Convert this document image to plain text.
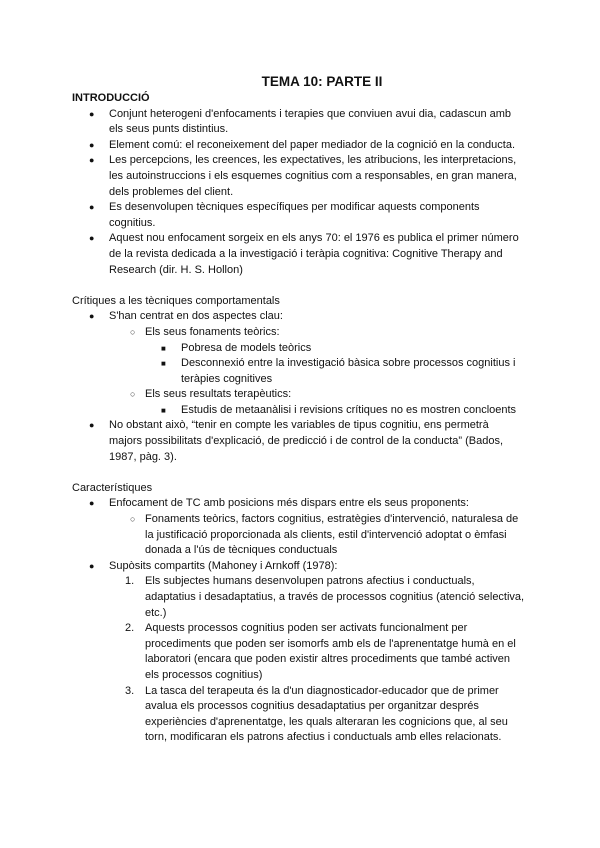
TEMA 10: PARTE II
INTRODUCCIÓ
● Conjunt heterogeni d'enfocaments i terapies que conviuen avui dia, cadascun amb
els seus punts distintius.
● Element comú: el reconeixement del paper mediador de la cognició en la conducta.
● Les percepcions, les creences, les expectatives, les atribucions, les interpretacions,
les autoinstruccions i els esquemes cognitius com a responsables, en gran manera,
dels problemes del client.
● Es desenvolupen tècniques específiques per modificar aquests components
cognitius.
● Aquest nou enfocament sorgeix en els anys 70: el 1976 es publica el primer número
de la revista dedicada a la investigació i teràpia cognitiva: Cognitive Therapy and
Research (dir. H. S. Hollon)
Crítiques a les tècniques comportamentals
● S'han centrat en dos aspectes clau:
○ Els seus fonaments teòrics:
■ Pobresa de models teòrics
■ Desconnexió entre la investigació bàsica sobre processos cognitius i
teràpies cognitives
○ Els seus resultats terapèutics:
■ Estudis de metaanàlisi i revisions crítiques no es mostren concloents
● No obstant això, “tenir en compte les variables de tipus cognitiu, ens permetrà
majors possibilitats d'explicació, de predicció i de control de la conducta” (Bados,
1987, pàg. 3).
Característiques
● Enfocament de TC amb posicions més dispars entre els seus proponents:
○ Fonaments teòrics, factors cognitius, estratègies d'intervenció, naturalesa de
la justificació proporcionada als clients, estil d'intervenció adoptat o èmfasi
donada a l'ús de tècniques conductuals
● Supòsits compartits (Mahoney i Arnkoff (1978):
1. Els subjectes humans desenvolupen patrons afectius i conductuals,
adaptatius i desadaptatius, a través de processos cognitius (atenció selectiva,
etc.)
2. Aquests processos cognitius poden ser activats funcionalment per
procediments que poden ser isomorfs amb els de l'aprenentatge humà en el
laboratori (encara que poden existir altres procediments que també activen
els processos cognitius)
3. La tasca del terapeuta és la d'un diagnosticador-educador que de primer
avalua els processos cognitius desadaptatius per organitzar després
experiències d'aprenentatge, les quals alteraran les cognicions que, al seu
torn, modificaran els patrons afectius i conductuals amb elles relacionats.
